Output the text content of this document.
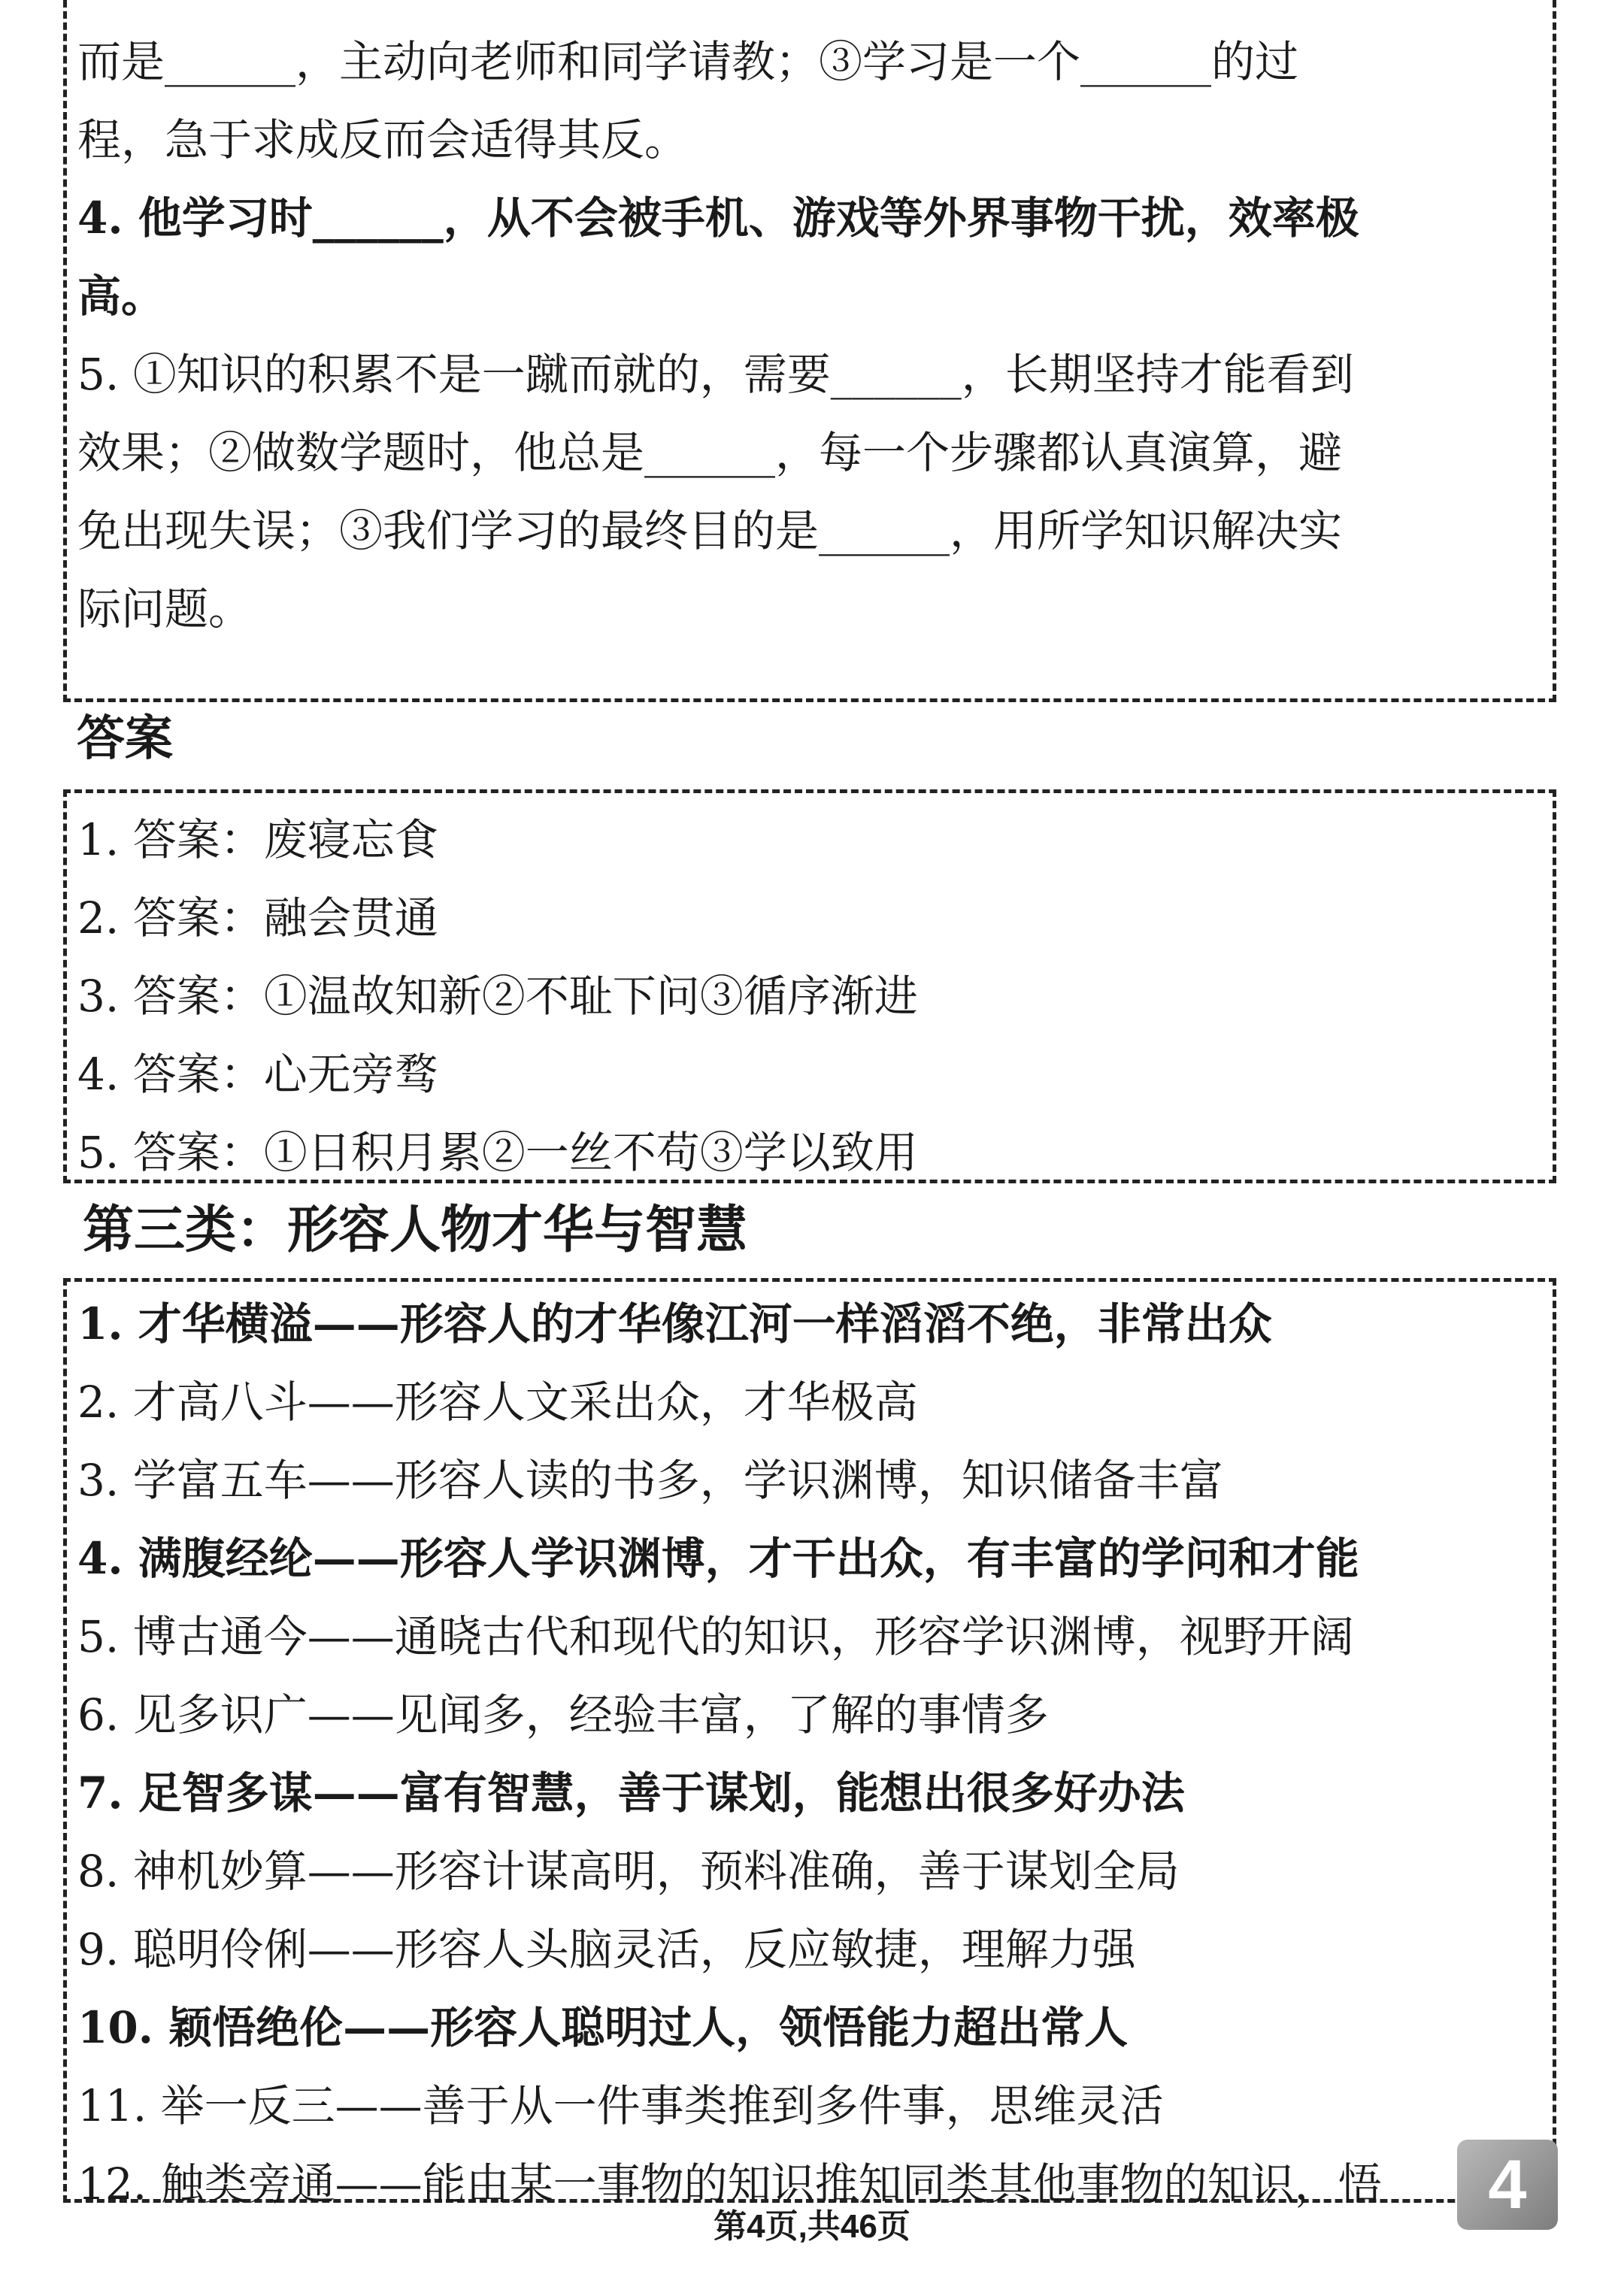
而是______，主动向老师和同学请教；③学习是一个______的过
程，急于求成反而会适得其反。
4. 他学习时______，从不会被手机、游戏等外界事物干扰，效率极
高。
5. ①知识的积累不是一蹴而就的，需要______，长期坚持才能看到
效果；②做数学题时，他总是______，每一个步骤都认真演算，避
免出现失误；③我们学习的最终目的是______，用所学知识解决实
际问题。
答案
1. 答案：废寝忘食
2. 答案：融会贯通
3. 答案：①温故知新②不耻下问③循序渐进
4. 答案：心无旁骛
5. 答案：①日积月累②一丝不苟③学以致用
第三类：形容人物才华与智慧
1. 才华横溢——形容人的才华像江河一样滔滔不绝，非常出众
2. 才高八斗——形容人文采出众，才华极高
3. 学富五车——形容人读的书多，学识渊博，知识储备丰富
4. 满腹经纶——形容人学识渊博，才干出众，有丰富的学问和才能
5. 博古通今——通晓古代和现代的知识，形容学识渊博，视野开阔
6. 见多识广——见闻多，经验丰富，了解的事情多
7. 足智多谋——富有智慧，善于谋划，能想出很多好办法
8. 神机妙算——形容计谋高明，预料准确，善于谋划全局
9. 聪明伶俐——形容人头脑灵活，反应敏捷，理解力强
10. 颖悟绝伦——形容人聪明过人，领悟能力超出常人
11. 举一反三——善于从一件事类推到多件事，思维灵活
12. 触类旁通——能由某一事物的知识推知同类其他事物的知识，悟
第4页,共46页
4
